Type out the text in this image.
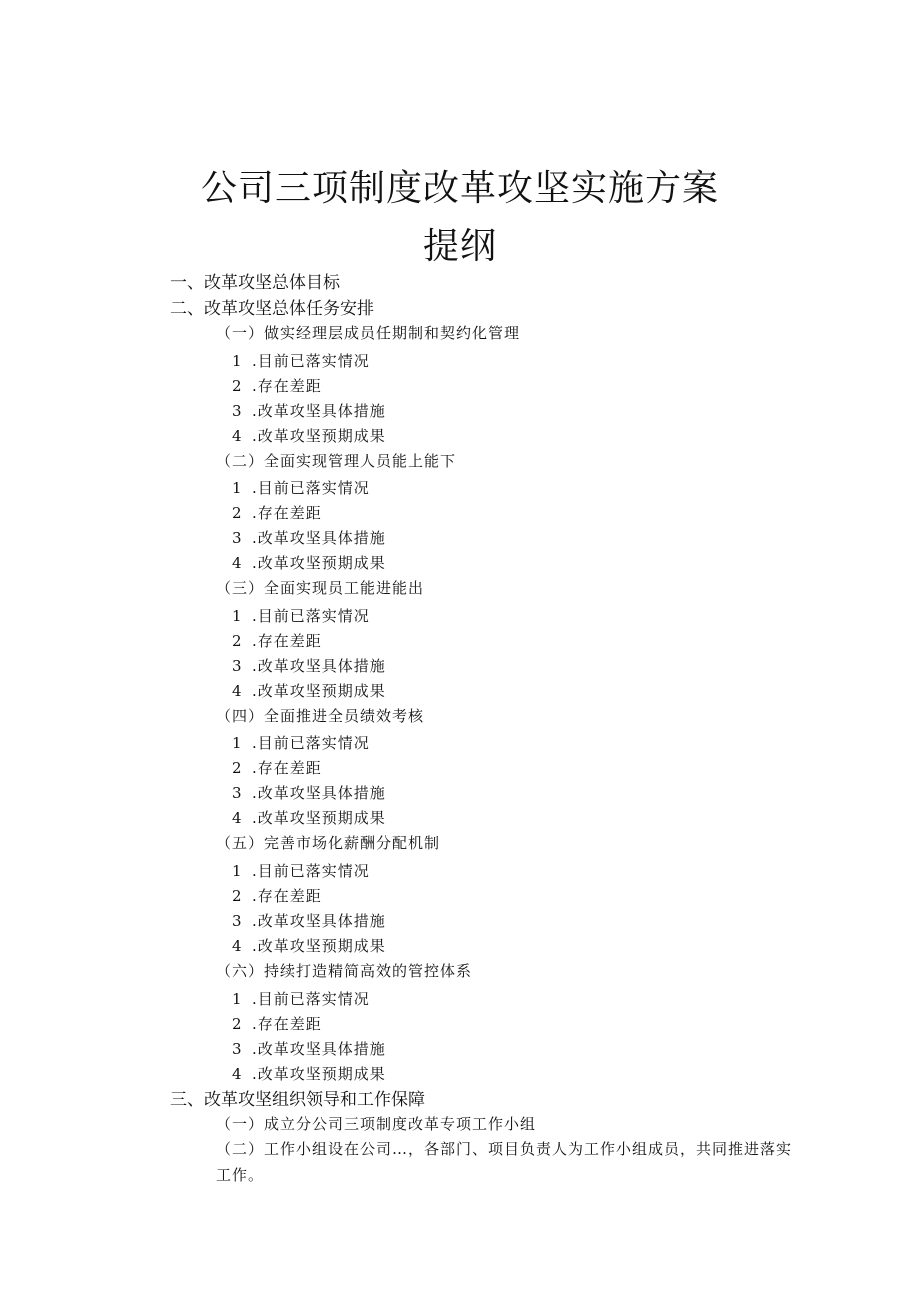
公司三项制度改革攻坚实施方案
提纲
一、改革攻坚总体目标
二、改革攻坚总体任务安排
（一）做实经理层成员任期制和契约化管理
1 .目前已落实情况
2 .存在差距
3 .改革攻坚具体措施
4 .改革攻坚预期成果
（二）全面实现管理人员能上能下
1 .目前已落实情况
2 .存在差距
3 .改革攻坚具体措施
4 .改革攻坚预期成果
（三）全面实现员工能进能出
1 .目前已落实情况
2 .存在差距
3 .改革攻坚具体措施
4 .改革攻坚预期成果
（四）全面推进全员绩效考核
1 .目前已落实情况
2 .存在差距
3 .改革攻坚具体措施
4 .改革攻坚预期成果
（五）完善市场化薪酬分配机制
1 .目前已落实情况
2 .存在差距
3 .改革攻坚具体措施
4 .改革攻坚预期成果
（六）持续打造精简高效的管控体系
1 .目前已落实情况
2 .存在差距
3 .改革攻坚具体措施
4 .改革攻坚预期成果
三、改革攻坚组织领导和工作保障
（一）成立分公司三项制度改革专项工作小组
（二）工作小组设在公司…，各部门、项目负责人为工作小组成员，共同推进落实工作。
